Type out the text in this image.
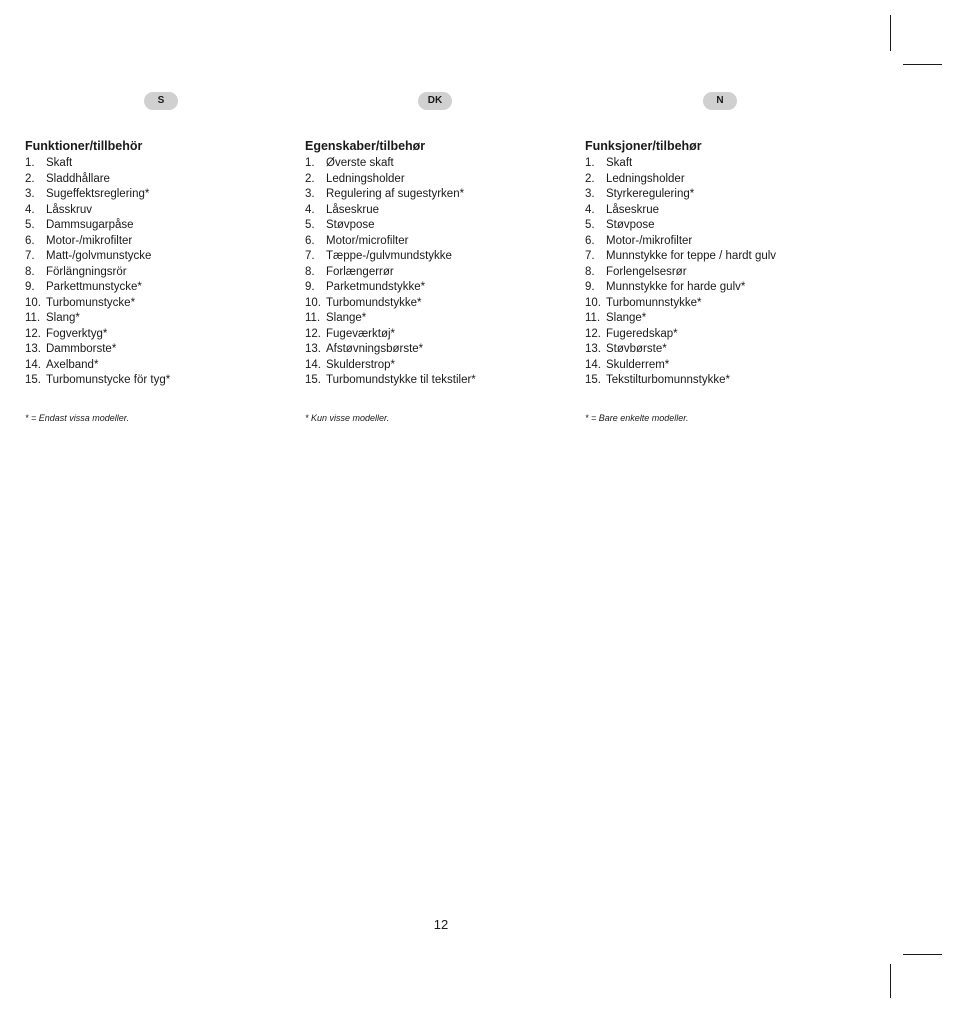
S
Funktioner/tillbehör
1. Skaft
2. Sladdhållare
3. Sugeffektsreglering*
4. Låsskruv
5. Dammsugarpåse
6. Motor-/mikrofilter
7. Matt-/golvmunstycke
8. Förlängningsrör
9. Parkettmunstycke*
10. Turbomunstycke*
11. Slang*
12. Fogverktyg*
13. Dammborste*
14. Axelband*
15. Turbomunstycke för tyg*
* = Endast vissa modeller.
DK
Egenskaber/tilbehør
1. Øverste skaft
2. Ledningsholder
3. Regulering af sugestyrken*
4. Låseskrue
5. Støvpose
6. Motor/microfilter
7. Tæppe-/gulvmundstykke
8. Forlængerrør
9. Parketmundstykke*
10. Turbomundstykke*
11. Slange*
12. Fugeværktøj*
13. Afstøvningsbørste*
14. Skulderstrop*
15. Turbomundstykke til tekstiler*
* Kun visse modeller.
N
Funksjoner/tilbehør
1. Skaft
2. Ledningsholder
3. Styrkeregulering*
4. Låseskrue
5. Støvpose
6. Motor-/mikrofilter
7. Munnstykke for teppe / hardt gulv
8. Forlengelsesrør
9. Munnstykke for harde gulv*
10. Turbomunnstykke*
11. Slange*
12. Fugeredskap*
13. Støvbørste*
14. Skulderrem*
15. Tekstilturbomunnstykke*
* = Bare enkelte modeller.
12
